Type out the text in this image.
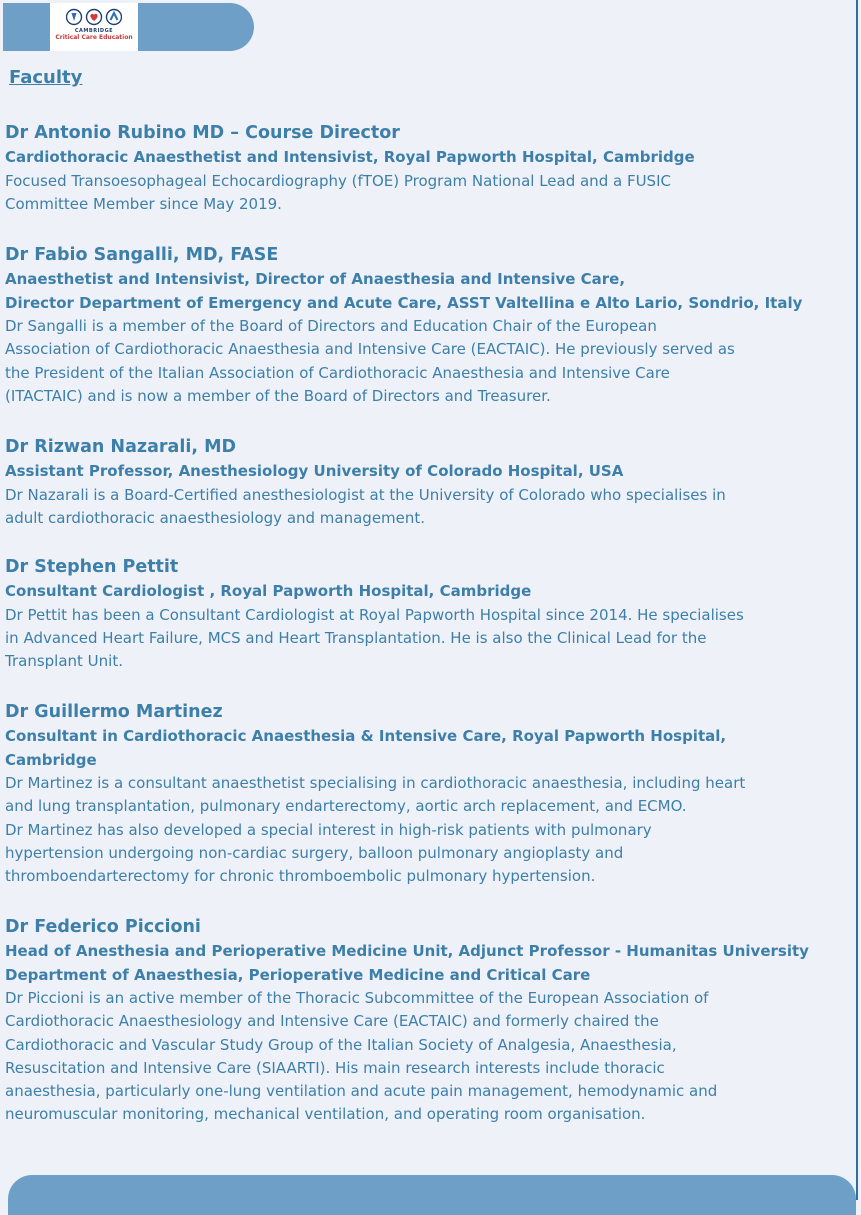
CAMBRIDGE
Critical Care Education
Faculty
Dr Antonio Rubino MD – Course Director
Cardiothoracic Anaesthetist and Intensivist, Royal Papworth Hospital, Cambridge
Focused Transoesophageal Echocardiography (fTOE) Program National Lead and a FUSIC
Committee Member since May 2019.
Dr Fabio Sangalli, MD, FASE
Anaesthetist and Intensivist, Director of Anaesthesia and Intensive Care,
Director Department of Emergency and Acute Care, ASST Valtellina e Alto Lario, Sondrio, Italy
Dr Sangalli is a member of the Board of Directors and Education Chair of the European
Association of Cardiothoracic Anaesthesia and Intensive Care (EACTAIC). He previously served as
the President of the Italian Association of Cardiothoracic Anaesthesia and Intensive Care
(ITACTAIC) and is now a member of the Board of Directors and Treasurer.
Dr Rizwan Nazarali, MD
Assistant Professor, Anesthesiology University of Colorado Hospital, USA
Dr Nazarali is a Board-Certified anesthesiologist at the University of Colorado who specialises in
adult cardiothoracic anaesthesiology and management.
Dr Stephen Pettit
Consultant Cardiologist , Royal Papworth Hospital, Cambridge
Dr Pettit has been a Consultant Cardiologist at Royal Papworth Hospital since 2014. He specialises
in Advanced Heart Failure, MCS and Heart Transplantation. He is also the Clinical Lead for the
Transplant Unit.
Dr Guillermo Martinez
Consultant in Cardiothoracic Anaesthesia & Intensive Care, Royal Papworth Hospital,
Cambridge
Dr Martinez is a consultant anaesthetist specialising in cardiothoracic anaesthesia, including heart
and lung transplantation, pulmonary endarterectomy, aortic arch replacement, and ECMO.
Dr Martinez has also developed a special interest in high-risk patients with pulmonary
hypertension undergoing non-cardiac surgery, balloon pulmonary angioplasty and
thromboendarterectomy for chronic thromboembolic pulmonary hypertension.
Dr Federico Piccioni
Head of Anesthesia and Perioperative Medicine Unit, Adjunct Professor - Humanitas University
Department of Anaesthesia, Perioperative Medicine and Critical Care
Dr Piccioni is an active member of the Thoracic Subcommittee of the European Association of
Cardiothoracic Anaesthesiology and Intensive Care (EACTAIC) and formerly chaired the
Cardiothoracic and Vascular Study Group of the Italian Society of Analgesia, Anaesthesia,
Resuscitation and Intensive Care (SIAARTI). His main research interests include thoracic
anaesthesia, particularly one-lung ventilation and acute pain management, hemodynamic and
neuromuscular monitoring, mechanical ventilation, and operating room organisation.
